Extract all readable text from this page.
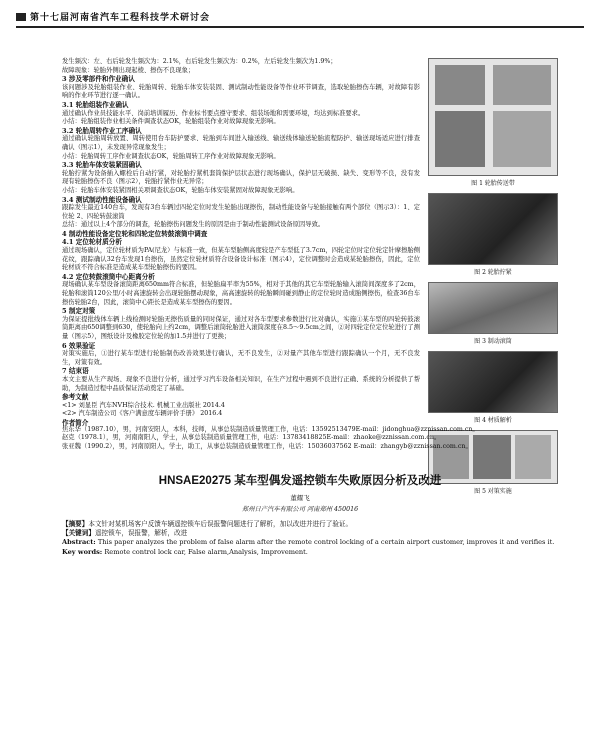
第十七届河南省汽车工程科技学术研讨会

发生频次：左、右后轮发生频次为：2.1%，右后轮发生频次为：0.2%，左后轮发生频次为1.9%；

故障现象：轮胎外侧出现起棱、擦伤不良现象；

3 涉及零部件和作业确认

该问题涉及轮胎组装作业、轮胎周转、轮胎车体安装装固、测试制动性能设备等作业环节调查，选取轮胎擦伤车辆，对故障有影响的作业环节进行逐一确认。

3.1 轮胎组装作业确认

通过确认作业员技能水平、岗前培训履历、作业标书要点遵守要求、组装场地和需要环境，均达到标准要求。

小结：轮胎组装作业相关条件调查状态OK，轮胎组装作业对故障现象无影响。

3.2 轮胎周转作业工序确认

通过确认轮胎周转放置、周转使用台车防护要求、轮胎到车间进入输送线、输送线体输送轮胎流程防护、输送现场适应进行排查确认（图示1），未发现异常现象发生；

小结：轮胎周转工序作业调查状态OK，轮胎周转工序作业对故障现象无影响。

3.3 轮胎车体安装紧固确认

轮胎拧紧为设备插入螺栓后自动拧紧，对轮胎拧紧机套筒保护层状态进行现场确认，保护层无破损、缺失、变形等不良，没有发现有轮胎擦伤不良（图示2），轮胎拧紧作业无异常；

小结：轮胎车体安装紧固相关项调查状态OK，轮胎车体安装紧固对故障现象无影响。

3.4 测试制动性能设备确认

跟踪发生最近140台车，发现有3台车辆过四轮定位时发生轮胎出现擦伤，制动性能设备与轮胎接触有两个部位（图示3）：1、定位轮 2、四轮转鼓滚筒

总结：通过以上4个部分的调查，轮胎擦伤问题发生的原因是由于制动性能测试设备原因导致。

4 制动性能设备定位轮和四轮定位转鼓滚筒中调查

4.1 定位轮材质分析

通过现场确认，定位轮材质为PA(尼龙）与标准一致，但某车型胎侧高度较是产车型低了3.7cm，四轮定位时定位轮定针摩擦胎侧花纹，跟踪确认32台车发现1台擦伤，虽然定位轮材质符合设备设计标准（图示4），定位调整时会造成某轮胎擦伤，因此，定位轮材质不符合标准是造成某车型轮胎擦伤的要因。

4.2 定位转鼓滚筒中心距离分析

现场确认某车型设备滚筒距离650mm符合标准，但轮胎扁平率为55%，相对于其他的其它车型轮胎输入滚筒间深度多了2cm，轮胎和滚筒120公里/小时高速旋转会出现轮胎摆动现象，高高速旋转的轮胎瞬间碰到静止的定位轮时造成胎侧擦伤，检查36台车擦伤轮胎2台，因此，滚筒中心距长是造成某车型擦伤的要因。

5 制定对策

为保证提批线体车辆上线检测时轮胎无擦伤质量的同时保证，通过对各车型要求参数进行比对确认，实施①某车型的四轮转鼓滚筒距离由650调整到630，使轮胎向上约2cm，调整后滚筒轮胎进入滚筒深度在8.5～9.5cm之间，②对四轮定位定位轮进行了测量（图示5），图纸设计及橡胶定位轮的加1.5并进行了更换；

6 效果验证

对策实施后，①进行某车型进行轮胎制伤改善效果进行确认，无不良发生，②对量产其他车型进行跟踪确认一个月，无不良发生，对策有效。

7 结束语

本文主要从生产现场、现象不良进行分析，通过学习汽车设备相关知识，在生产过程中遇到不良进行正确、系统的分析提供了帮助，为制造过程中品质保证活动奠定了基础。

参考文献

<1> 刘显臣 汽车NVH综合技术. 机械工业出版社 2014.4

<2> 汽车制造公司《客户满意度车辆评价手册》 2016.4

作者简介

图 1 轮胎传送带
图 2 轮胎拧紧
图 3 制动滚筒
图 4 材质解析
图 5 对策实施

焦东华（1987.10），男，河南安阳人，本科，技师，从事总装制造质量管理工作，电话：13592513479E-mail：jidonghua@zznissan.com.cn。

赵克（1978.1），男，河南南阳人，学士，从事总装制造质量管理工作，电话：13783418825E-mail：zhaoke@zznissan.com.cn。

张亚魏（1990.2），男，河南原阳人，学士，助工，从事总装制造质量管理工作，电话：15036037562 E-mail：zhangyb@zznissan.com.cn。

HNSAE20275 某车型偶发遥控锁车失败原因分析及改进
董耀飞
郑州日产汽车有限公司 河南郑州 450016

【摘要】本文针对某机场客户反馈车辆遥控锁车后误报警问题进行了解析，加以改进并进行了验证。

【关键词】遥控锁车，误报警，解析，改进

Abstract: This paper analyzes the problem of false alarm after the remote control locking of a certain airport customer, improves it and verifies it.

Key words: Remote control lock car, False alarm,Analysis, Improvement.
